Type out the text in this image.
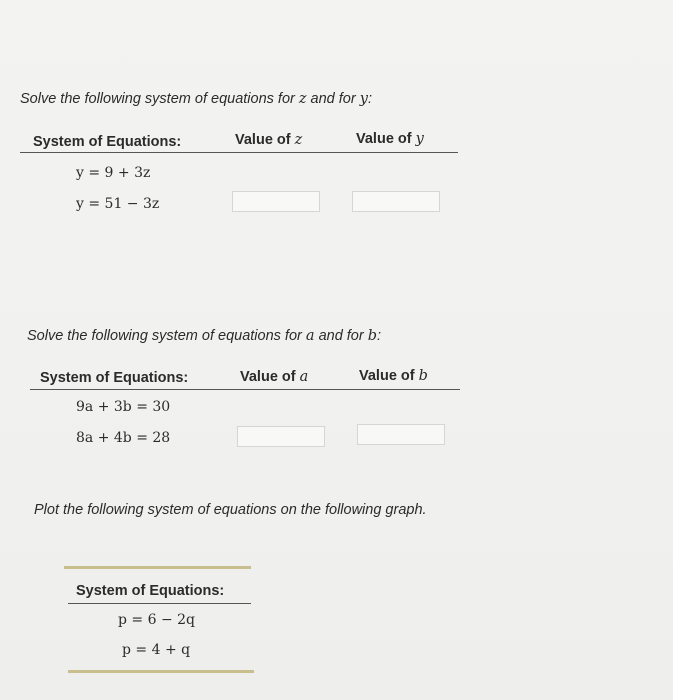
Solve the following system of equations for z and for y:
System of Equations:	Value of z	Value of y
y = 9 + 3z
y = 51 − 3z
Solve the following system of equations for a and for b:
System of Equations:	Value of a	Value of b
9a + 3b = 30
8a + 4b = 28
Plot the following system of equations on the following graph.
System of Equations:
p = 6 − 2q
p = 4 + q
